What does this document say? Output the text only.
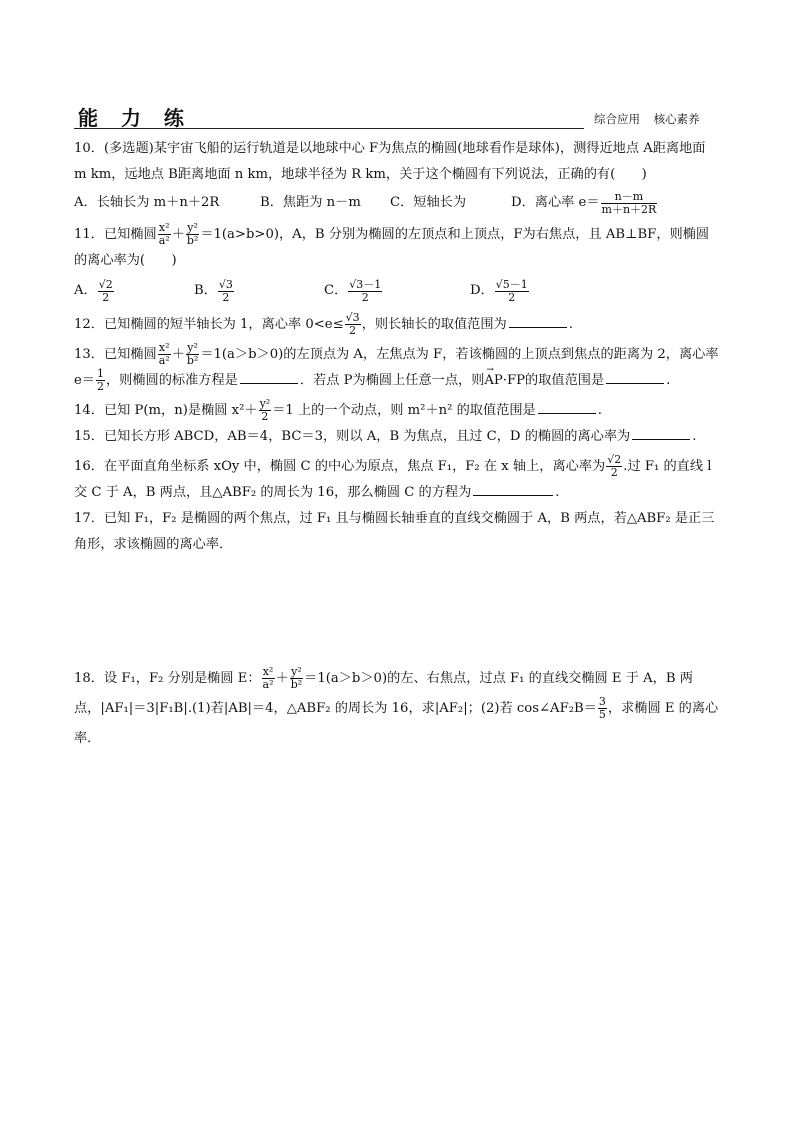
能 力 练	综合应用 核心素养

10．(多选题)某宇宙飞船的运行轨道是以地球中心 F为焦点的椭圆(地球看作是球体)，测得近地点 A距离地面 m km，远地点 B距离地面 n km，地球半径为 R km，关于这个椭圆有下列说法，正确的有(　　)

A．长轴长为 m＋n＋2R	B．焦距为 n－m	C．短轴长为	D．离心率 $e= \frac{n-m}{m+n+2R}$

11．已知椭圆 $\frac{\text{x²}}{\text{a²}} + \frac{\text{y²}}{\text{b²}} =1(a>b>0)$，A，B 分别为椭圆的左顶点和上顶点，F为右焦点，且 AB⊥BF，则椭圆的离心率为(　　)

A． $\frac{√2}{2}$	B． $\frac{√3}{2}$	C． $\frac{√3-1}{2}$	D． $\frac{√5-1}{2}$

12．已知椭圆的短半轴长为 1，离心率 $0<e\le \frac{√3}{2}$ ，则长轴长的取值范围为	.

13．已知椭圆 $\frac{\text{x²}}{\text{a²}} + \frac{\text{y²}}{\text{b²}} =1(a>b>0)$的左顶点为 A，左焦点为 F，若该椭圆的上顶点到焦点的距离为 2，离心率
$e= \frac{1}{2}$ ，则椭圆的标准方程是	．若点 P为椭圆上任意一点，则→ AP·FP的取值范围是	.

14．已知 P(m，n)是椭圆 $x^2+ \frac{\text{y²}}{2} =1$ 上的一个动点，则 m²＋n² 的取值范围是	.

15．已知长方形 ABCD，AB＝4，BC＝3，则以 A，B 为焦点，且过 C，D 的椭圆的离心率为	.

16．在平面直角坐标系 xOy 中，椭圆 C 的中心为原点，焦点 F₁，F₂ 在 x 轴上，离心率为 $\frac{√2}{2}$ .过 F₁ 的直线 l 交 C 于 A，B 两点，且△ABF₂ 的周长为 16，那么椭圆 C 的方程为	.

17．已知 F₁，F₂ 是椭圆的两个焦点，过 F₁ 且与椭圆长轴垂直的直线交椭圆于 A，B 两点，若△ABF₂ 是正三角形，求该椭圆的离心率．

18．设 F₁，F₂ 分别是椭圆 E： $\frac{\text{x²}}{\text{a²}} + \frac{\text{y²}}{\text{b²}} =1(a>b>0)$的左、右焦点，过点 F₁ 的直线交椭圆 E 于 A，B 两点，|AF₁|＝3|F₁B|.(1)若|AB|＝4，△ABF₂ 的周长为 16，求|AF₂|；(2)若 cos∠AF₂B＝ $\frac{3}{5}$ ，求椭圆 E 的离心率．
